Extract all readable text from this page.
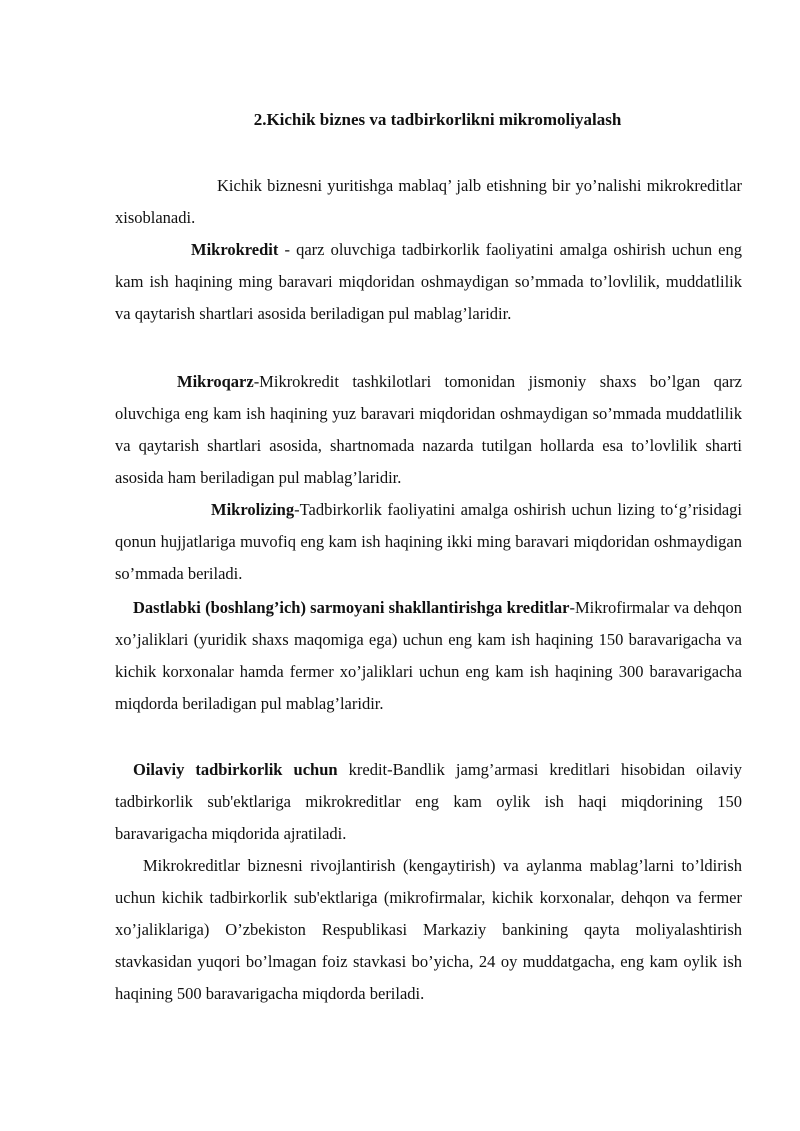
2.Kichik biznes va tadbirkorlikni mikromoliyalash

Kichik biznesni yuritishga mablaq’ jalb etishning bir yo’nalishi mikrokreditlar xisoblanadi.

Mikrokredit - qarz oluvchiga tadbirkorlik faoliyatini amalga oshirish uchun eng kam ish haqining ming baravari miqdoridan oshmaydigan so’mmada to’lovlilik, muddatlilik va qaytarish shartlari asosida beriladigan pul mablag’laridir.

Mikroqarz-Mikrokredit tashkilotlari tomonidan jismoniy shaxs bo’lgan qarz oluvchiga eng kam ish haqining yuz baravari miqdoridan oshmaydigan so’mmada muddatlilik va qaytarish shartlari asosida, shartnomada nazarda tutilgan hollarda esa to’lovlilik sharti asosida ham beriladigan pul mablag’laridir.

Mikrolizing-Tadbirkorlik faoliyatini amalga oshirish uchun lizing to‘g’risidagi qonun hujjatlariga muvofiq eng kam ish haqining ikki ming baravari miqdoridan oshmaydigan so’mmada beriladi.

Dastlabki (boshlang’ich) sarmoyani shakllantirishga kreditlar-Mikrofirmalar va dehqon xo’jaliklari (yuridik shaxs maqomiga ega) uchun eng kam ish haqining 150 baravarigacha va kichik korxonalar hamda fermer xo’jaliklari uchun eng kam ish haqining 300 baravarigacha miqdorda beriladigan pul mablag’laridir.

Oilaviy tadbirkorlik uchun kredit-Bandlik jamg’armasi kreditlari hisobidan oilaviy tadbirkorlik sub'ektlariga mikrokreditlar eng kam oylik ish haqi miqdorining 150 baravarigacha miqdorida ajratiladi.

Mikrokreditlar biznesni rivojlantirish (kengaytirish) va aylanma mablag’larni to’ldirish uchun kichik tadbirkorlik sub'ektlariga (mikrofirmalar, kichik korxonalar, dehqon va fermer xo’jaliklariga) O’zbekiston Respublikasi Markaziy bankining qayta moliyalashtirish stavkasidan yuqori bo’lmagan foiz stavkasi bo’yicha, 24 oy muddatgacha, eng kam oylik ish haqining 500 baravarigacha miqdorda beriladi.
